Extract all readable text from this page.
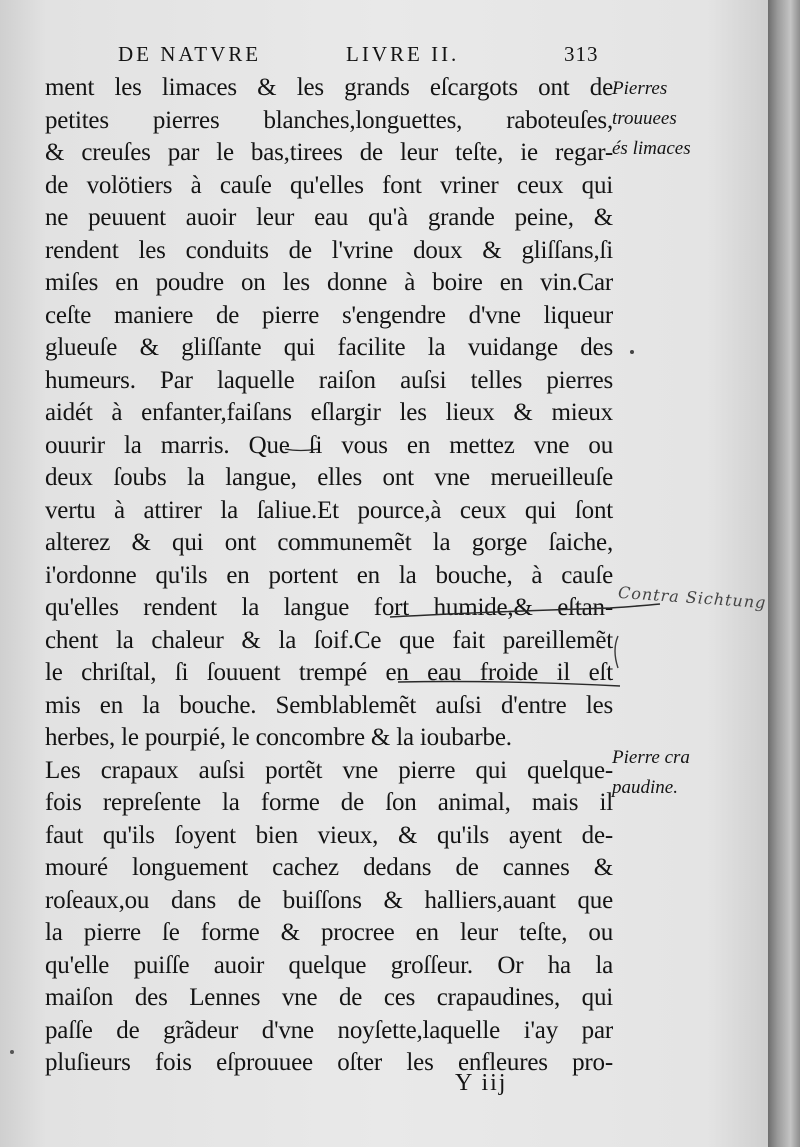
DE NATVRE	LIVRE II.	313
ment les limaces & les grands eſcargots ont de
petites pierres blanches,longuettes, raboteuſes,
& creuſes par le bas,tirees de leur teſte, ie regar-
de volötiers à cauſe qu'elles font vriner ceux qui
ne peuuent auoir leur eau qu'à grande peine, &
rendent les conduits de l'vrine doux & gliſſans,ſi
miſes en poudre on les donne à boire en vin.Car
ceſte maniere de pierre s'engendre d'vne liqueur
glueuſe & gliſſante qui facilite la vuidange des
humeurs. Par laquelle raiſon auſsi telles pierres
aidét à enfanter,faiſans eſlargir les lieux & mieux
ouurir la marris. Que ſi vous en mettez vne ou
deux ſoubs la langue, elles ont vne merueilleuſe
vertu à attirer la ſaliue.Et pource,à ceux qui ſont
alterez & qui ont communemẽt la gorge ſaiche,
i'ordonne qu'ils en portent en la bouche, à cauſe
qu'elles rendent la langue fort humide,& eſtan-
chent la chaleur & la ſoif.Ce que fait pareillemẽt
le chriſtal, ſi ſouuent trempé en eau froide il eſt
mis en la bouche. Semblablemẽt auſsi d'entre les
herbes, le pourpié, le concombre & la ioubarbe.
Les crapaux auſsi portẽt vne pierre qui quelque-
fois repreſente la forme de ſon animal, mais il
faut qu'ils ſoyent bien vieux, & qu'ils ayent de-
mouré longuement cachez dedans de cannes &
roſeaux,ou dans de buiſſons & halliers,auant que
la pierre ſe forme & procree en leur teſte, ou
qu'elle puiſſe auoir quelque groſſeur. Or ha la
maiſon des Lennes vne de ces crapaudines, qui
paſſe de grãdeur d'vne noyſette,laquelle i'ay par
pluſieurs fois eſprouuee oſter les enfleures pro-
Pierres
trouuees
és limaces
Pierre cra
paudine.
Contra Sichtung
Y iij
